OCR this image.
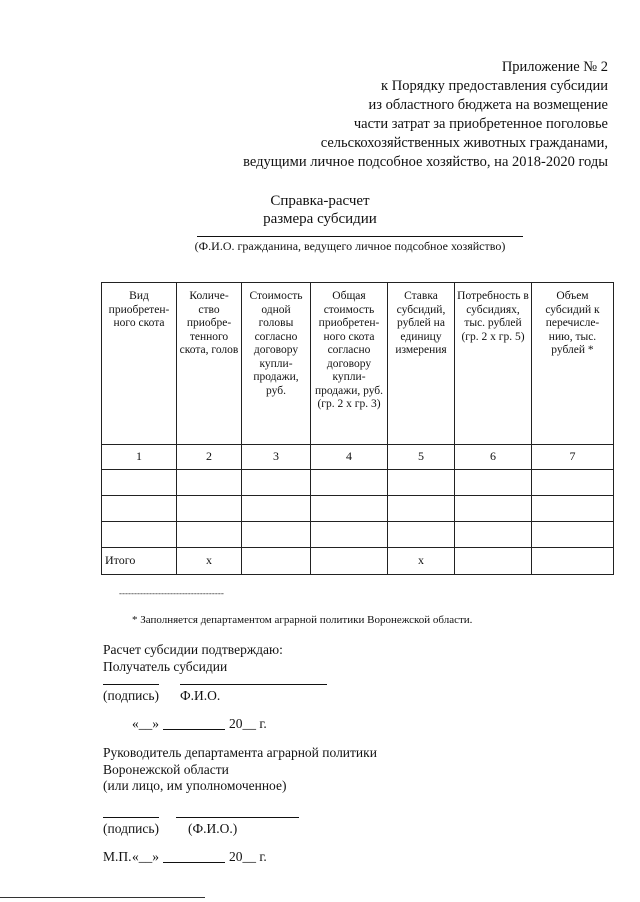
Приложение № 2
к Порядку предоставления субсидии
из областного бюджета на возмещение
части затрат за приобретенное поголовье
сельскохозяйственных животных гражданами,
ведущими личное подсобное хозяйство, на 2018-2020 годы
Справка-расчет
размера субсидии
(Ф.И.О. гражданина, ведущего личное подсобное хозяйство)
Вид приобретен-ного скота	Количе-ство приобре-тенного скота, голов	Стоимость одной головы согласно договору купли-продажи, руб.	Общая стоимость приобретен-ного скота согласно договору купли-продажи, руб. (гр. 2 х гр. 3)	Ставка субсидий, рублей на единицу измерения	Потребность в субсидиях, тыс. рублей (гр. 2 х гр. 5)	Объем субсидий к перечисле-нию, тыс. рублей *
1	2	3	4	5	6	7

Итого	х			х		
-----------------------------------
* Заполняется департаментом аграрной политики Воронежской области.
Расчет субсидии подтверждаю:
Получатель субсидии
(подпись) Ф.И.О.
«__»	20__ г.
Руководитель департамента аграрной политики
Воронежской области
(или лицо, им уполномоченное)
(подпись) (Ф.И.О.)
М.П. «__»	20__ г.
